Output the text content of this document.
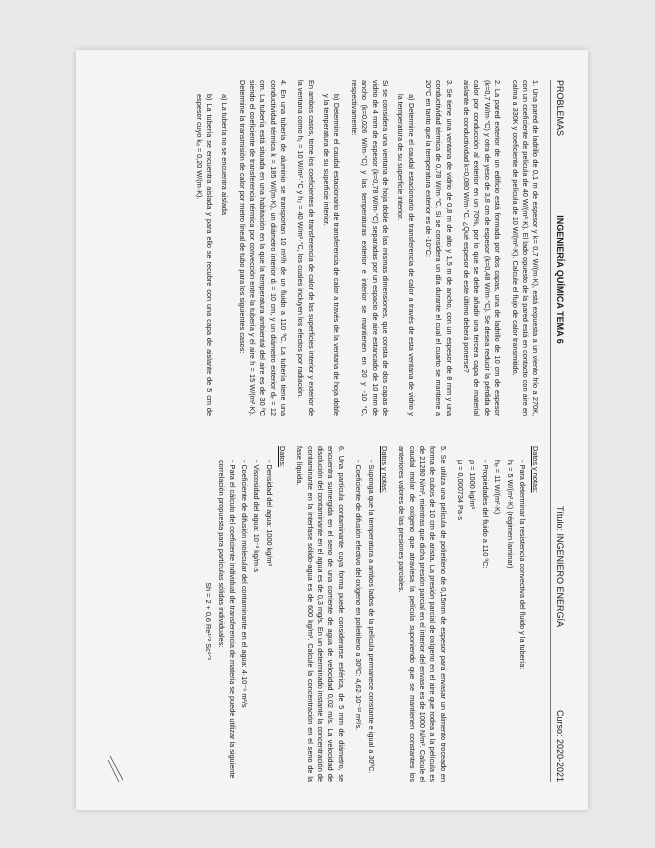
PROBLEMAS
INGENIERÍA QUÍMICA TEMA 6
Título: INGENIERO ENERGÍA
Curso: 2020-2021

1. Una pared de ladrillo de 0,1 m de espesor y k= 0,7 W/(m·K), está expuesta a un viento frío a 270K, con un coeficiente de película de 40 W/(m²·K). El lado opuesto de la pared está en contacto con aire en calma a 330K y coeficiente de película de 10 W/(m²·K). Calcule el flujo de calor transmitido.

2. La pared exterior de un edificio está formada por dos capas, una de ladrillo de 10 cm de espesor (k=0,7 W/m·°C) y otra de yeso de 3,8 cm de espesor (k=0,48 W/m·°C). Se desea reducir la pérdida de calor por conducción al exterior en un 70%, por lo que se debe añadir una tercera capa de material aislante de conductividad k=0,080 W/m·°C. ¿Qué espesor de este último deberá ponerse?

3. Se tiene una ventana de vidrio de 0,8 m de alto y 1,5 m de ancho, con un espesor de 8 mm y una conductividad térmica de 0,78 W/m·°C. Si se considera un día durante el cual el cuarto se mantiene a 20°C en tanto que la temperatura exterior es de -10°C:

a) Determine el caudal estacionario de transferencia de calor a través de esta ventana de vidrio y la temperatura de su superficie interior.

Si se considera una ventana de hoja doble de las mismas dimensiones, que consta de dos capas de vidrio de 4 mm de espesor (k=0,78 W/m·°C) separadas por un espacio de aire estancado de 10 mm de ancho (k=0,026 W/m·°C) y las temperaturas exterior e interior se mantienen en 20 y -10 °C, respectivamente:

b) Determine el caudal estacionario de transferencia de calor a través de la ventana de hoja doble y la temperatura de su superficie interior.

En ambos casos, tome los coeficientes de transferencia de calor de las superficies interior y exterior de la ventana como h₁ = 10 W/m²·°C y h₂ = 40 W/m²·°C, los cuales incluyen los efectos por radiación.

4. En una tubería de aluminio se transportan 10 m³/h de un fluido a 110 ºC. La tubería tiene una conductividad térmica k = 185 W/(m·K), un diámetro interior dᵢ = 10 cm, y un diámetro exterior dₑ = 12 cm. La tubería está situada en una habitación en la que la temperatura ambiental del aire es de 30 ºC siendo el coeficiente de transferencia térmica por convección entre la tubería y el aire h = 15 W/(m²·K). Determine la transmisión de calor por metro lineal de tubo para los siguientes casos:

a) La tubería no se encuentra aislada

b) La tubería se encuentra aislada y para ello se recubre con una capa de aislante de 5 cm de espesor cuyo kₐ = 0,20 W/(m·K).

Datos y notas:
- Para determinar la resistencia convectiva del fluido y la tubería:
hᵢ = 5 W/(m²·K) (régimen laminar)
hₑ = 11 W/(m²·K)
- Propiedades del fluido a 110 ºC:
ρ = 1000 kg/m³
μ = 0,000734 Pa·s

5. Se utiliza una película de polietileno de 0,15mm de espesor para envasar un alimento troceado en forma de cubos de 10 cm de arista. La presión parcial de oxígeno en el aire que rodea a la película es de 21280 N/m², mientras que dicha presión parcial en el interior del envase es de 1000 N/m². Calcule el caudal molar de oxígeno que atraviesa la película suponiendo que se mantienen constantes los anteriores valores de las presiones parciales.

Datos y notas:
- Suponga que la temperatura a ambos lados de la película permanece constante e igual a 30ºC.
- Coeficiente de difusión efectivo del oxígeno en polietileno a 30ºC: 4,62·10⁻¹² m²/s.

6. Una partícula contaminante cuya forma puede considerarse esférica, de 5 mm de diámetro, se encuentra sumergida en el seno de una corriente de agua de velocidad 0,02 m/s. La velocidad de disolución del contaminante en el agua es de 0,3 mg/s. En un determinado instante la concentración de contaminante en la interfase sólido-agua es de 600 kg/m³. Calcule la concentración en el seno de la fase líquida.

Datos:
- Densidad del agua: 1000 kg/m³
- Viscosidad del agua: 10⁻³ kg/m·s
- Coeficiente de difusión molecular del contaminante en el agua: 4·10⁻⁹ m²/s
- Para el cálculo del coeficiente individual de transferencia de materia se puede utilizar la siguiente correlación propuesta para partículas sólidas individuales:
Sh = 2 + 0,6 Re¹ᐟ² Sc¹ᐟ³
